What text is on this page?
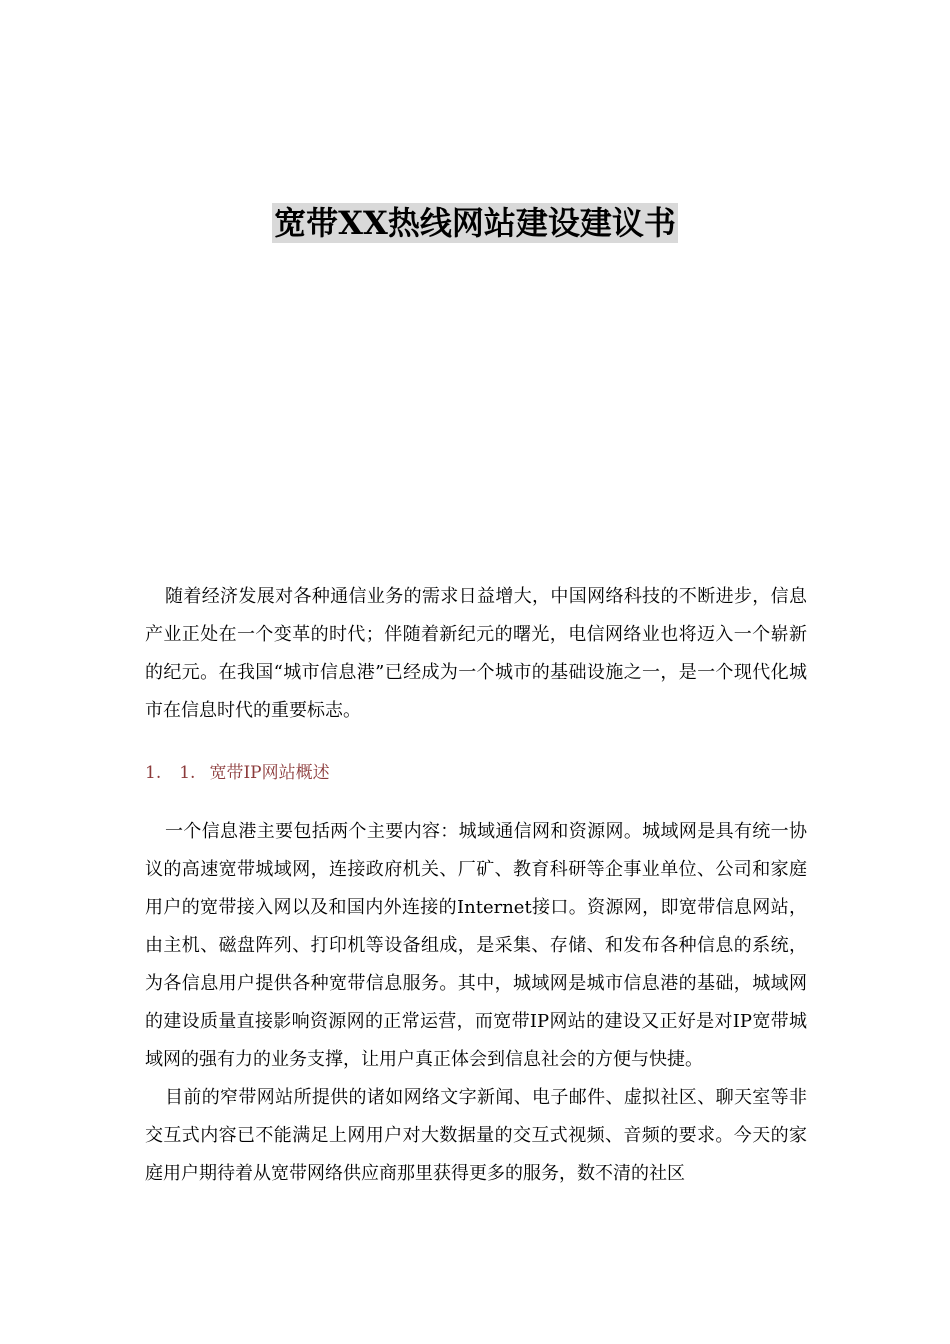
宽带XX热线网站建设建议书

随着经济发展对各种通信业务的需求日益增大，中国网络科技的不断进步，信息产业正处在一个变革的时代；伴随着新纪元的曙光，电信网络业也将迈入一个崭新的纪元。在我国“城市信息港”已经成为一个城市的基础设施之一，是一个现代化城市在信息时代的重要标志。

1. 1. 宽带IP网站概述

一个信息港主要包括两个主要内容：城域通信网和资源网。城域网是具有统一协议的高速宽带城域网，连接政府机关、厂矿、教育科研等企事业单位、公司和家庭用户的宽带接入网以及和国内外连接的Internet接口。资源网，即宽带信息网站，由主机、磁盘阵列、打印机等设备组成，是采集、存储、和发布各种信息的系统，为各信息用户提供各种宽带信息服务。其中，城域网是城市信息港的基础，城域网的建设质量直接影响资源网的正常运营，而宽带IP网站的建设又正好是对IP宽带城域网的强有力的业务支撑，让用户真正体会到信息社会的方便与快捷。

目前的窄带网站所提供的诸如网络文字新闻、电子邮件、虚拟社区、聊天室等非交互式内容已不能满足上网用户对大数据量的交互式视频、音频的要求。今天的家庭用户期待着从宽带网络供应商那里获得更多的服务，数不清的社区
